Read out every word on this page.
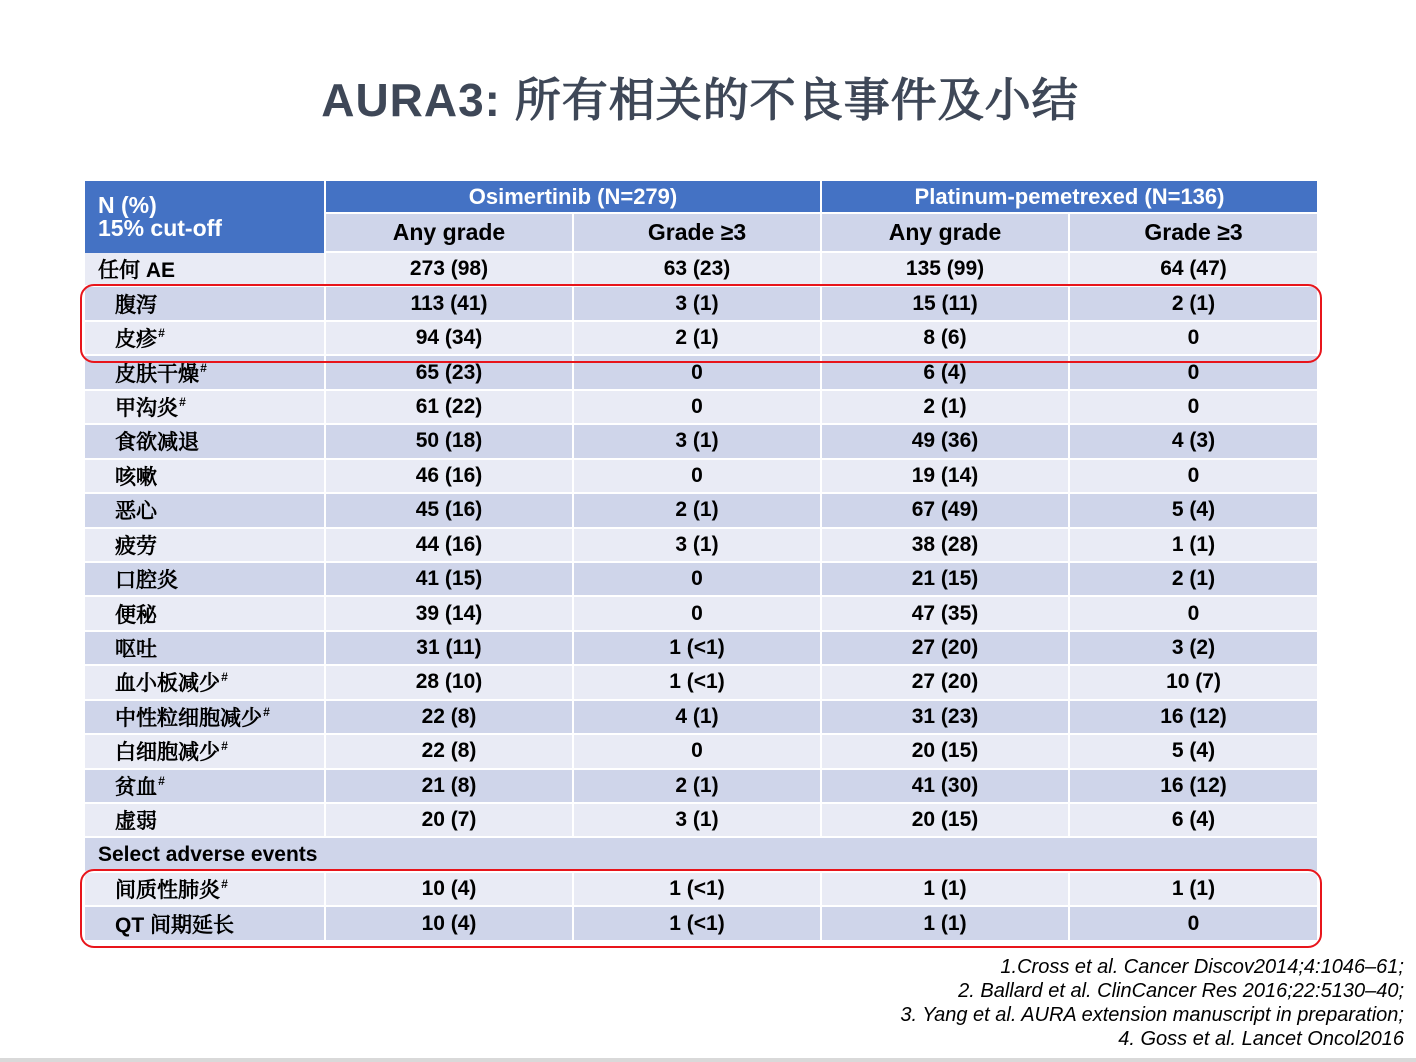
AURA3: 所有相关的不良事件及小结
N (%)
15% cut-off	Osimertinib (N=279)		Platinum-pemetrexed (N=136)	
	Any grade	Grade ≥3	Any grade	Grade ≥3
任何 AE	273 (98)	63 (23)	135 (99)	64 (47)
腹泻	113 (41)	3 (1)	15 (11)	2 (1)
皮疹#	94 (34)	2 (1)	8 (6)	0
皮肤干燥#	65 (23)	0	6 (4)	0
甲沟炎#	61 (22)	0	2 (1)	0
食欲减退	50 (18)	3 (1)	49 (36)	4 (3)
咳嗽	46 (16)	0	19 (14)	0
恶心	45 (16)	2 (1)	67 (49)	5 (4)
疲劳	44 (16)	3 (1)	38 (28)	1 (1)
口腔炎	41 (15)	0	21 (15)	2 (1)
便秘	39 (14)	0	47 (35)	0
呕吐	31 (11)	1 (<1)	27 (20)	3 (2)
血小板减少#	28 (10)	1 (<1)	27 (20)	10 (7)
中性粒细胞减少#	22 (8)	4 (1)	31 (23)	16 (12)
白细胞减少#	22 (8)	0	20 (15)	5 (4)
贫血#	21 (8)	2 (1)	41 (30)	16 (12)
虚弱	20 (7)	3 (1)	20 (15)	6 (4)
Select adverse events				
间质性肺炎#	10 (4)	1 (<1)	1 (1)	1 (1)
QT 间期延长	10 (4)	1 (<1)	1 (1)	0
1.Cross et al. Cancer Discov2014;4:1046–61;
2. Ballard et al. ClinCancer Res 2016;22:5130–40;
3. Yang et al. AURA extension manuscript in preparation;
4. Goss et al. Lancet Oncol2016
